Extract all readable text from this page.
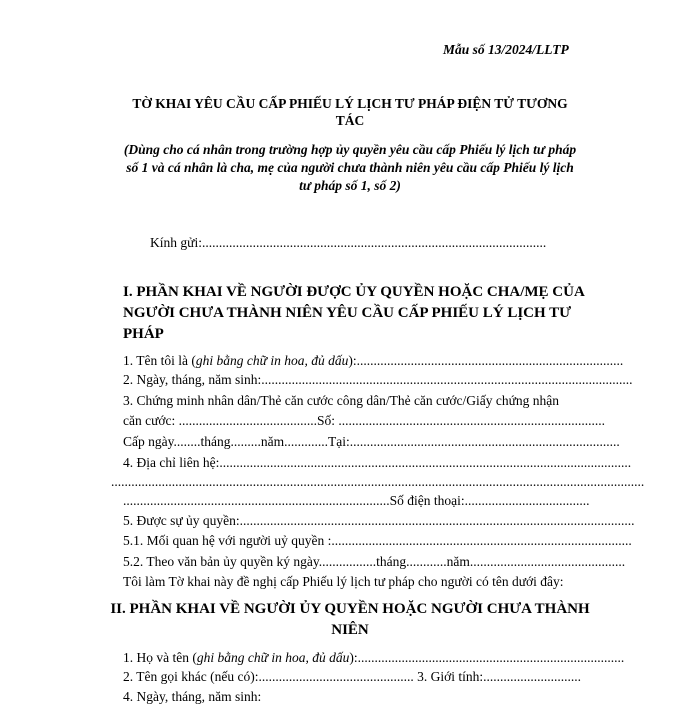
Mẫu số 13/2024/LLTP
TỜ KHAI YÊU CẦU CẤP PHIẾU LÝ LỊCH TƯ PHÁP ĐIỆN TỬ TƯƠNG
TÁC
(Dùng cho cá nhân trong trường hợp ủy quyền yêu cầu cấp Phiếu lý lịch tư pháp
số 1 và cá nhân là cha, mẹ của người chưa thành niên yêu cầu cấp Phiếu lý lịch
tư pháp số 1, số 2)
Kính gửi:......................................................................................................
I. PHẦN KHAI VỀ NGƯỜI ĐƯỢC ỦY QUYỀN HOẶC CHA/MẸ CỦA
NGƯỜI CHƯA THÀNH NIÊN YÊU CẦU CẤP PHIẾU LÝ LỊCH TƯ
PHÁP
1. Tên tôi là (ghi bằng chữ in hoa, đủ dấu):...............................................................................
2. Ngày, tháng, năm sinh:..............................................................................................................
3. Chứng minh nhân dân/Thẻ căn cước công dân/Thẻ căn cước/Giấy chứng nhận
căn cước: .........................................Số: ...............................................................................
Cấp ngày........tháng.........năm.............Tại:................................................................................
4. Địa chỉ liên hệ:..........................................................................................................................
..............................................................................................................................................................
...............................................................................Số điện thoại:.....................................
5. Được sự ủy quyền:.....................................................................................................................
5.1. Mối quan hệ với người uỷ quyền :.........................................................................................
5.2. Theo văn bản ủy quyền ký ngày.................tháng............năm..............................................
Tôi làm Tờ khai này đề nghị cấp Phiếu lý lịch tư pháp cho người có tên dưới đây:
II. PHẦN KHAI VỀ NGƯỜI ỦY QUYỀN HOẶC NGƯỜI CHƯA THÀNH
NIÊN
1. Họ và tên (ghi bằng chữ in hoa, đủ dấu):...............................................................................
2. Tên gọi khác (nếu có):.............................................. 3. Giới tính:.............................
4. Ngày, tháng, năm sinh:
